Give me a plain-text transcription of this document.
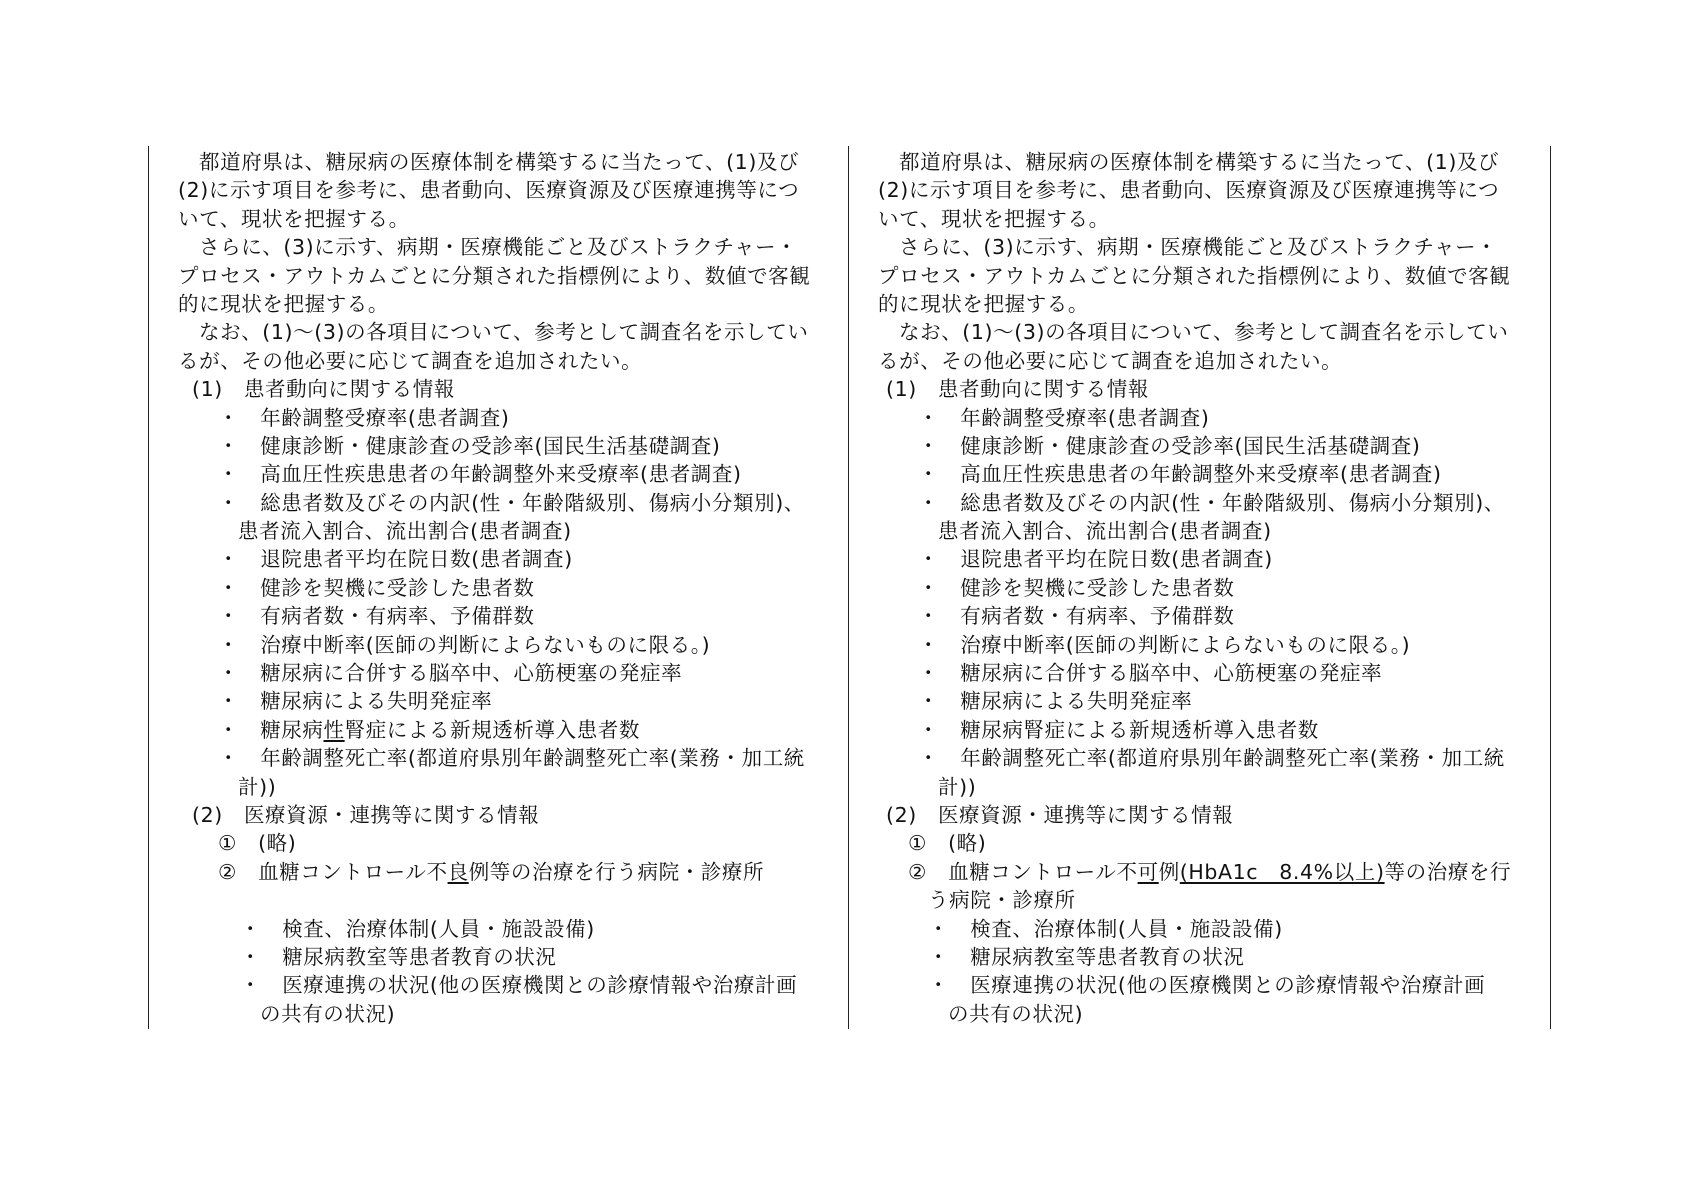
都道府県は、糖尿病の医療体制を構築するに当たって、(1)及び
(2)に示す項目を参考に、患者動向、医療資源及び医療連携等につ
いて、現状を把握する。
さらに、(3)に示す、病期・医療機能ごと及びストラクチャー・
プロセス・アウトカムごとに分類された指標例により、数値で客観
的に現状を把握する。
なお、(1)〜(3)の各項目について、参考として調査名を示してい
るが、その他必要に応じて調査を追加されたい。
(1)　患者動向に関する情報
・　年齢調整受療率(患者調査)
・　健康診断・健康診査の受診率(国民生活基礎調査)
・　高血圧性疾患患者の年齢調整外来受療率(患者調査)
・　総患者数及びその内訳(性・年齢階級別、傷病小分類別)、
患者流入割合、流出割合(患者調査)
・　退院患者平均在院日数(患者調査)
・　健診を契機に受診した患者数
・　有病者数・有病率、予備群数
・　治療中断率(医師の判断によらないものに限る。)
・　糖尿病に合併する脳卒中、心筋梗塞の発症率
・　糖尿病による失明発症率
・　糖尿病性腎症による新規透析導入患者数
・　年齢調整死亡率(都道府県別年齢調整死亡率(業務・加工統
計))
(2)　医療資源・連携等に関する情報
①　(略)
②　血糖コントロール不良例等の治療を行う病院・診療所
・　検査、治療体制(人員・施設設備)
・　糖尿病教室等患者教育の状況
・　医療連携の状況(他の医療機関との診療情報や治療計画
の共有の状況)
都道府県は、糖尿病の医療体制を構築するに当たって、(1)及び
(2)に示す項目を参考に、患者動向、医療資源及び医療連携等につ
いて、現状を把握する。
さらに、(3)に示す、病期・医療機能ごと及びストラクチャー・
プロセス・アウトカムごとに分類された指標例により、数値で客観
的に現状を把握する。
なお、(1)〜(3)の各項目について、参考として調査名を示してい
るが、その他必要に応じて調査を追加されたい。
(1)　患者動向に関する情報
・　年齢調整受療率(患者調査)
・　健康診断・健康診査の受診率(国民生活基礎調査)
・　高血圧性疾患患者の年齢調整外来受療率(患者調査)
・　総患者数及びその内訳(性・年齢階級別、傷病小分類別)、
患者流入割合、流出割合(患者調査)
・　退院患者平均在院日数(患者調査)
・　健診を契機に受診した患者数
・　有病者数・有病率、予備群数
・　治療中断率(医師の判断によらないものに限る。)
・　糖尿病に合併する脳卒中、心筋梗塞の発症率
・　糖尿病による失明発症率
・　糖尿病腎症による新規透析導入患者数
・　年齢調整死亡率(都道府県別年齢調整死亡率(業務・加工統
計))
(2)　医療資源・連携等に関する情報
①　(略)
②　血糖コントロール不可例(HbA1c　8.4%以上)等の治療を行
う病院・診療所
・　検査、治療体制(人員・施設設備)
・　糖尿病教室等患者教育の状況
・　医療連携の状況(他の医療機関との診療情報や治療計画
の共有の状況)
